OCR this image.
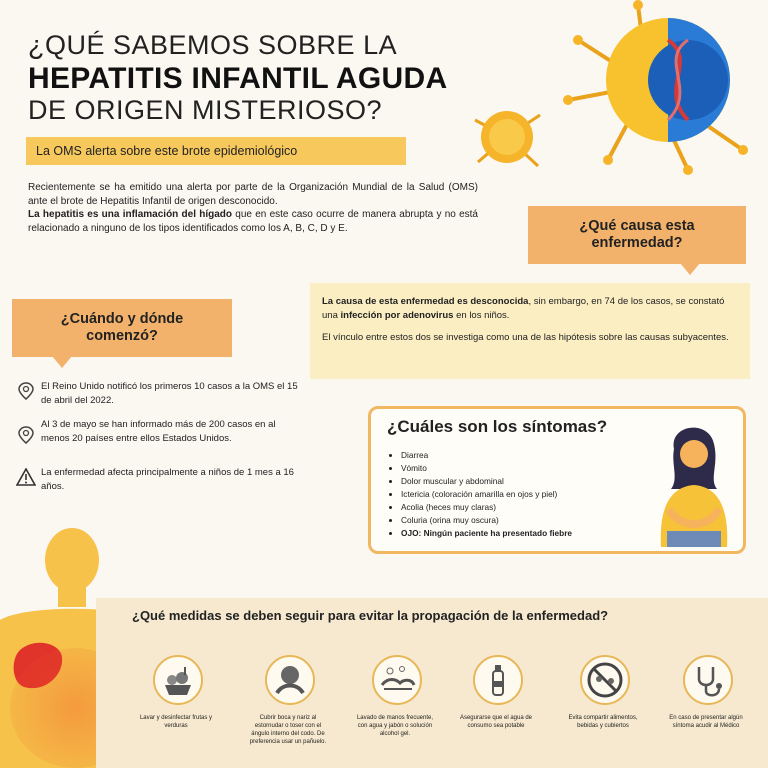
¿QUÉ SABEMOS SOBRE LA
HEPATITIS INFANTIL AGUDA
DE ORIGEN MISTERIOSO?
La OMS alerta sobre este brote epidemiológico

Recientemente se ha emitido una alerta por parte de la Organización Mundial de la Salud (OMS) ante el brote de Hepatitis Infantil de origen desconocido.

La hepatitis es una inflamación del hígado que en este caso ocurre de manera abrupta y no está relacionado a ninguno de los tipos identificados como los A, B, C, D y E.	¿Qué causa esta
enfermedad?

La causa de esta enfermedad es desconocida, sin embargo, en 74 de los casos, se constató una infección por adenovirus en los niños.

El vínculo entre estos dos se investiga como una de las hipótesis sobre las causas subyacentes.

¿Cuándo y dónde
comenzó?
El Reino Unido notificó los primeros 10 casos a la OMS el 15 de abril del 2022.
Al 3 de mayo se han informado más de 200 casos en al menos 20 países entre ellos Estados Unidos.
La enfermedad afecta principalmente a niños de 1 mes a 16 años.
¿Cuáles son los síntomas?
• Diarrea
• Vómito
• Dolor muscular y abdominal
• Ictericia (coloración amarilla en ojos y piel)
• Acolia (heces muy claras)
• Coluria (orina muy oscura)
• OJO: Ningún paciente ha presentado fiebre
¿Qué medidas se deben seguir para evitar la propagación de la enfermedad?
Lavar y desinfectar frutas y verduras
Cubrir boca y nariz al estornudar o toser con el ángulo interno del codo. De preferencia usar un pañuelo.
Lavado de manos frecuente, con agua y jabón o solución alcohol gel.
Asegurarse que el agua de consumo sea potable
Evita compartir alimentos, bebidas y cubiertos
En caso de presentar algún síntoma acudir al Médico
